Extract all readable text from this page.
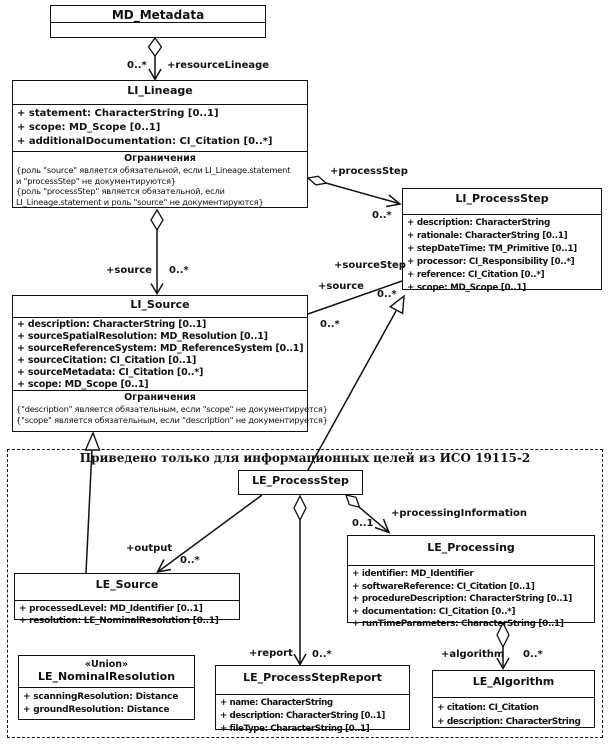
Приведено только для информационных целей из ИСО 19115-2
MD_Metadata
LI_Lineage
+ statement: CharacterString [0..1]
+ scope: MD_Scope [0..1]
+ additionalDocumentation: CI_Citation [0..*]
Ограничения
{роль "source" является обязательной, если LI_Lineage.statement
и "processStep" не документируются}
{роль "processStep" является обязательной, если
LI_Lineage.statement и роль "source" не документируются}	LI_ProcessStep
+ description: CharacterString
+ rationale: CharacterString [0..1]
+ stepDateTime: TM_Primitive [0..1]
+ processor: CI_Responsibility [0..*]
+ reference: CI_Citation [0..*]
+ scope: MD_Scope [0..1]
LI_Source
+ description: CharacterString [0..1]
+ sourceSpatialResolution: MD_Resolution [0..1]
+ sourceReferenceSystem: MD_ReferenceSystem [0..1]
+ sourceCitation: CI_Citation [0..1]
+ sourceMetadata: CI_Citation [0..*]
+ scope: MD_Scope [0..1]
Ограничения
{"description" является обязательным, если "scope" не документируется}
{"scope" является обязательным, если "description" не документируется}
LE_ProcessStep
LE_Processing
+ identifier: MD_Identifier
+ softwareReference: CI_Citation [0..1]
+ procedureDescription: CharacterString [0..1]
+ documentation: CI_Citation [0..*]
+ runTimeParameters: CharacterString [0..1]
LE_Source
+ processedLevel: MD_Identifier [0..1]
+ resolution: LE_NominalResolution [0..1]
«Union»
LE_NominalResolution
+ scanningResolution: Distance
+ groundResolution: Distance
LE_ProcessStepReport
+ name: CharacterString
+ description: CharacterString [0..1]
+ fileType: CharacterString [0..1]
LE_Algorithm
+ citation: CI_Citation
+ description: CharacterString
0..* +resourceLineage
+processStep
0..*
+source 0..*	+sourceStep
+source
0..*
0..*
+output
0..*
0..1
+processingInformation
+report 0..*	+algorithm 0..*
